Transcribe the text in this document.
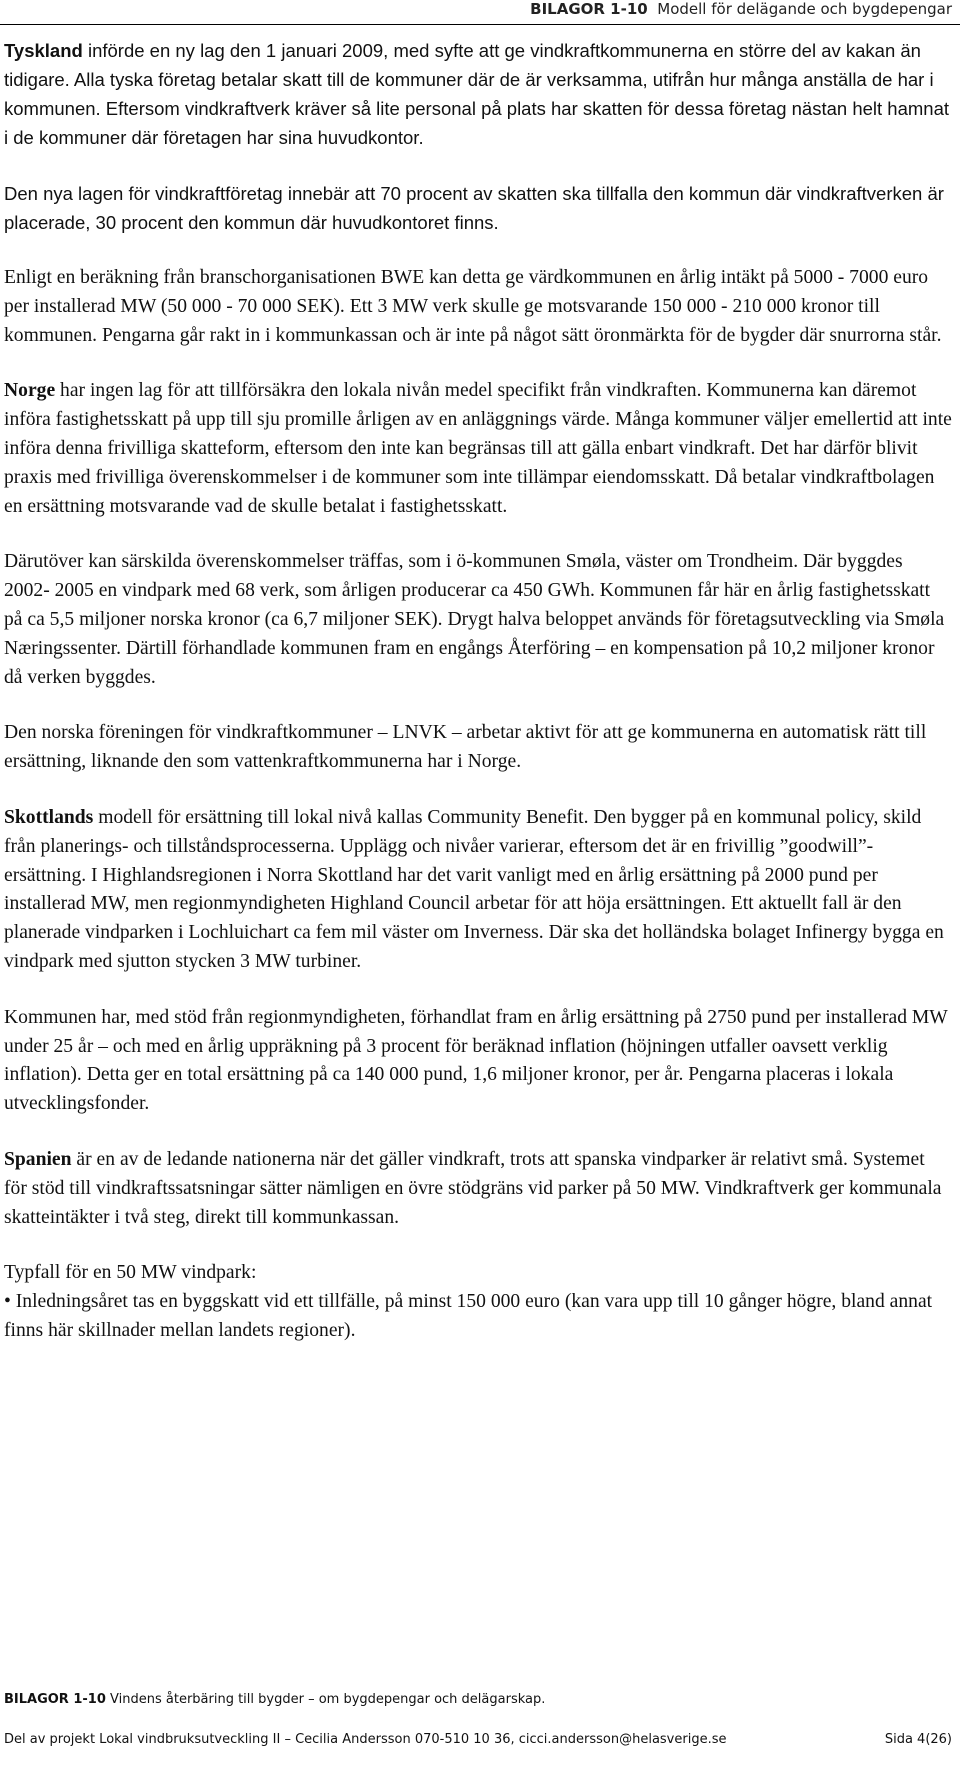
BILAGOR 1-10 Modell för delägande och bygdepengar

Tyskland införde en ny lag den 1 januari 2009, med syfte att ge vindkraftkommunerna en större del av kakan än tidigare. Alla tyska företag betalar skatt till de kommuner där de är verksamma, utifrån hur många anställa de har i kommunen. Eftersom vindkraftverk kräver så lite personal på plats har skatten för dessa företag nästan helt hamnat i de kommuner där företagen har sina huvudkontor.

Den nya lagen för vindkraftföretag innebär att 70 procent av skatten ska tillfalla den kommun där vindkraftverken är placerade, 30 procent den kommun där huvudkontoret finns.

Enligt en beräkning från branschorganisationen BWE kan detta ge värdkommunen en årlig intäkt på 5000 - 7000 euro per installerad MW (50 000 - 70 000 SEK). Ett 3 MW verk skulle ge motsvarande 150 000 - 210 000 kronor till kommunen. Pengarna går rakt in i kommunkassan och är inte på något sätt öronmärkta för de bygder där snurrorna står.

Norge har ingen lag för att tillförsäkra den lokala nivån medel specifikt från vindkraften. Kommunerna kan däremot införa fastighetsskatt på upp till sju promille årligen av en anläggnings värde. Många kommuner väljer emellertid att inte införa denna frivilliga skatteform, eftersom den inte kan begränsas till att gälla enbart vindkraft. Det har därför blivit praxis med frivilliga överenskommelser i de kommuner som inte tillämpar eiendomsskatt. Då betalar vindkraftbolagen en ersättning motsvarande vad de skulle betalat i fastighetsskatt.

Därutöver kan särskilda överenskommelser träffas, som i ö-kommunen Smøla, väster om Trondheim. Där byggdes 2002- 2005 en vindpark med 68 verk, som årligen producerar ca 450 GWh. Kommunen får här en årlig fastighetsskatt på ca 5,5 miljoner norska kronor (ca 6,7 miljoner SEK). Drygt halva beloppet används för företagsutveckling via Smøla Næringssenter. Därtill förhandlade kommunen fram en engångs Återföring – en kompensation på 10,2 miljoner kronor då verken byggdes.

Den norska föreningen för vindkraftkommuner – LNVK – arbetar aktivt för att ge kommunerna en automatisk rätt till ersättning, liknande den som vattenkraftkommunerna har i Norge.

Skottlands modell för ersättning till lokal nivå kallas Community Benefit. Den bygger på en kommunal policy, skild från planerings- och tillståndsprocesserna. Upplägg och nivåer varierar, eftersom det är en frivillig ”goodwill”-ersättning. I Highlandsregionen i Norra Skottland har det varit vanligt med en årlig ersättning på 2000 pund per installerad MW, men regionmyndigheten Highland Council arbetar för att höja ersättningen. Ett aktuellt fall är den planerade vindparken i Lochluichart ca fem mil väster om Inverness. Där ska det holländska bolaget Infinergy bygga en vindpark med sjutton stycken 3 MW turbiner.

Kommunen har, med stöd från regionmyndigheten, förhandlat fram en årlig ersättning på 2750 pund per installerad MW under 25 år – och med en årlig uppräkning på 3 procent för beräknad inflation (höjningen utfaller oavsett verklig inflation). Detta ger en total ersättning på ca 140 000 pund, 1,6 miljoner kronor, per år. Pengarna placeras i lokala utvecklingsfonder.

Spanien är en av de ledande nationerna när det gäller vindkraft, trots att spanska vindparker är relativt små. Systemet för stöd till vindkraftssatsningar sätter nämligen en övre stödgräns vid parker på 50 MW. Vindkraftverk ger kommunala skatteintäkter i två steg, direkt till kommunkassan.

Typfall för en 50 MW vindpark:

• Inledningsåret tas en byggskatt vid ett tillfälle, på minst 150 000 euro (kan vara upp till 10 gånger högre, bland annat finns här skillnader mellan landets regioner).

BILAGOR 1-10 Vindens återbäring till bygder – om bygdepengar och delägarskap.
Del av projekt Lokal vindbruksutveckling II – Cecilia Andersson 070-510 10 36, cicci.andersson@helasverige.se	Sida 4(26)
